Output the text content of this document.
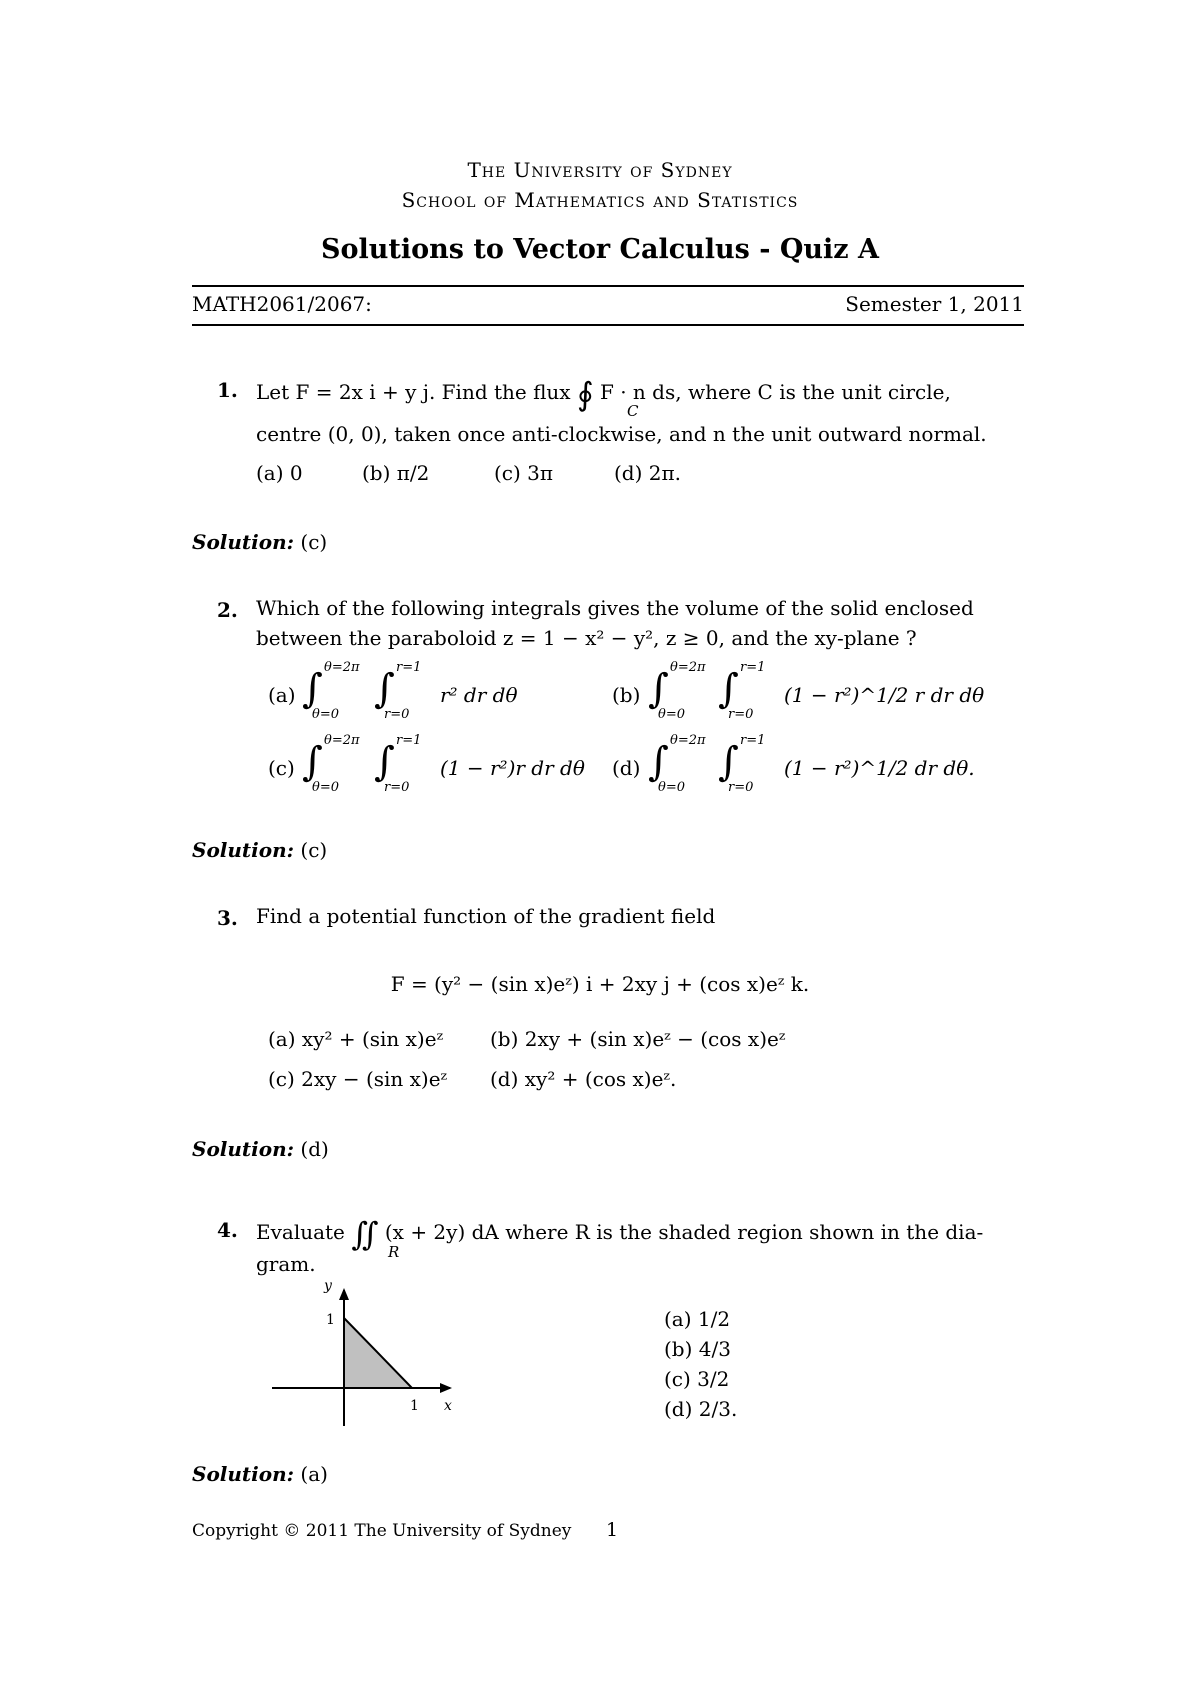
The University of Sydney
School of Mathematics and Statistics
Solutions to Vector Calculus - Quiz A
MATH2061/2067:	Semester 1, 2011
1. Let F = 2x i + y j. Find the flux ∮ F · n ds, where C is the unit circle,
C
centre (0, 0), taken once anti-clockwise, and n the unit outward normal.
(a) 0	(b) π/2	(c) 3π	(d) 2π.
Solution: (c)
2. Which of the following integrals gives the volume of the solid enclosed
between the paraboloid z = 1 − x² − y², z ≥ 0, and the xy-plane ?
(a) ∫ θ=2π
θ=0
∫ r=1
r=0
r² dr dθ	(b) ∫ θ=2π
θ=0
∫ r=1
r=0
(1 − r²)^1/2 r dr dθ
(c) ∫ θ=2π
θ=0
∫ r=1
r=0
(1 − r²)r dr dθ (d) ∫ θ=2π
θ=0
∫ r=1
r=0
(1 − r²)^1/2 dr dθ.
Solution: (c)
3. Find a potential function of the gradient field
F = (y² − (sin x)eᶻ) i + 2xy j + (cos x)eᶻ k.
(a) xy² + (sin x)eᶻ (b) 2xy + (sin x)eᶻ − (cos x)eᶻ
(c) 2xy − (sin x)eᶻ (d) xy² + (cos x)eᶻ.
Solution: (d)
4. Evaluate ∬ (x + 2y) dA where R is the shaded region shown in the dia-
R
gram.
y
x
1
1
(a) 1/2
(b) 4/3
(c) 3/2
(d) 2/3.
Solution: (a)
Copyright © 2011 The University of Sydney 1
